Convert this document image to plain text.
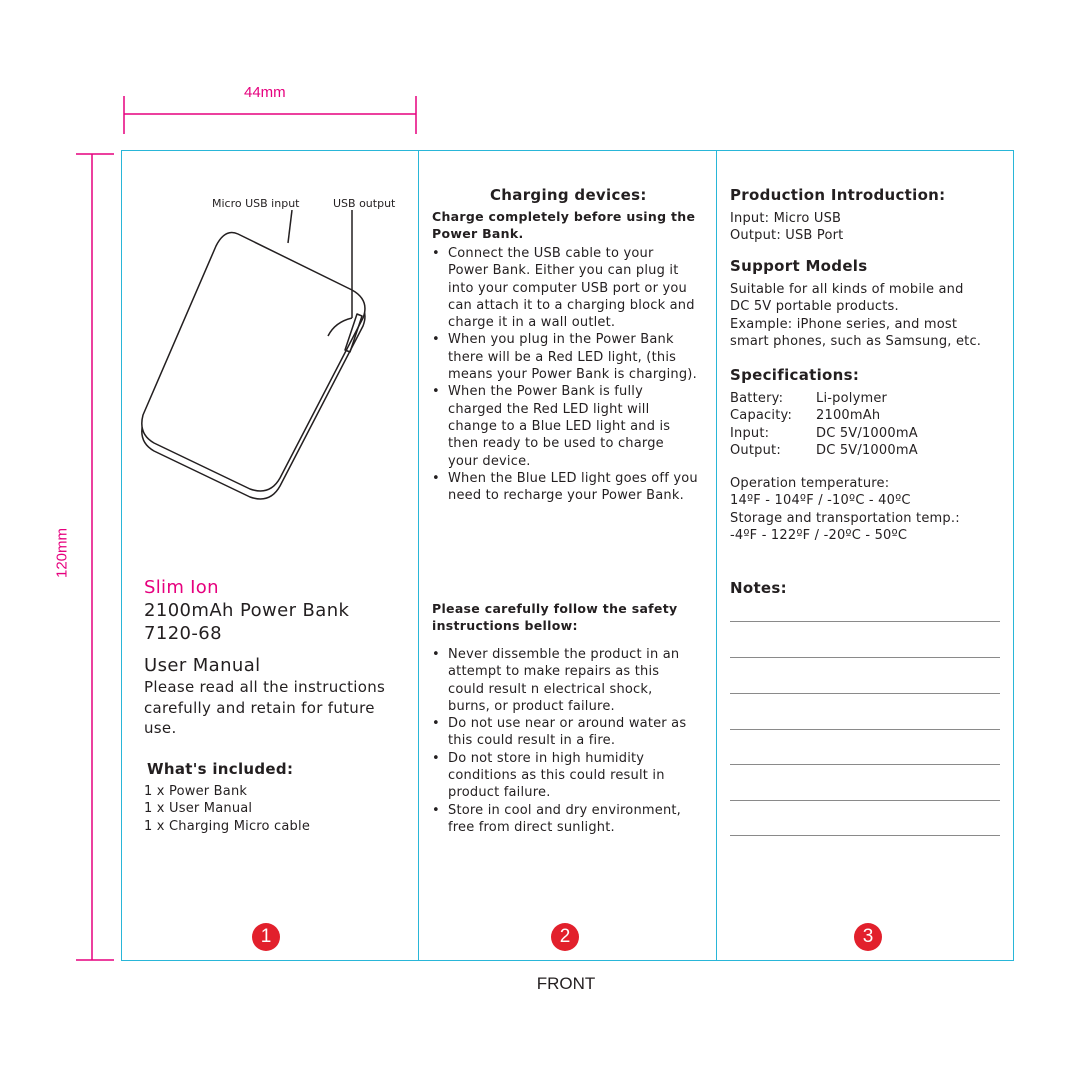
44mm
120mm
Micro USB input	USB output
Slim Ion
2100mAh Power Bank
7120-68
User Manual
Please read all the instructions carefully and retain for future use.
What's included:
1 x Power Bank
1 x User Manual
1 x Charging Micro cable
1
Charging devices:
Charge completely before using the Power Bank.
• Connect the USB cable to your Power Bank. Either you can plug it into your computer USB port or you can attach it to a charging block and charge it in a wall outlet.
• When you plug in the Power Bank there will be a Red LED light, (this means your Power Bank is charging).
• When the Power Bank is fully charged the Red LED light will change to a Blue LED light and is then ready to be used to charge your device.
• When the Blue LED light goes off you need to recharge your Power Bank.
Please carefully follow the safety instructions bellow:
• Never dissemble the product in an attempt to make repairs as this could result n electrical shock, burns, or product failure.
• Do not use near or around water as this could result in a fire.
• Do not store in high humidity conditions as this could result in product failure.
• Store in cool and dry environment, free from direct sunlight.
2
Production Introduction:
Input: Micro USB
Output: USB Port
Support Models
Suitable for all kinds of mobile and
DC 5V portable products.
Example: iPhone series, and most
smart phones, such as Samsung, etc.
Specifications:
Battery:	Li-polymer
Capacity:	2100mAh
Input:	DC 5V/1000mA
Output:	DC 5V/1000mA
Operation temperature:
14ºF - 104ºF / -10ºC - 40ºC
Storage and transportation temp.:
-4ºF - 122ºF / -20ºC - 50ºC
Notes:
3
FRONT
